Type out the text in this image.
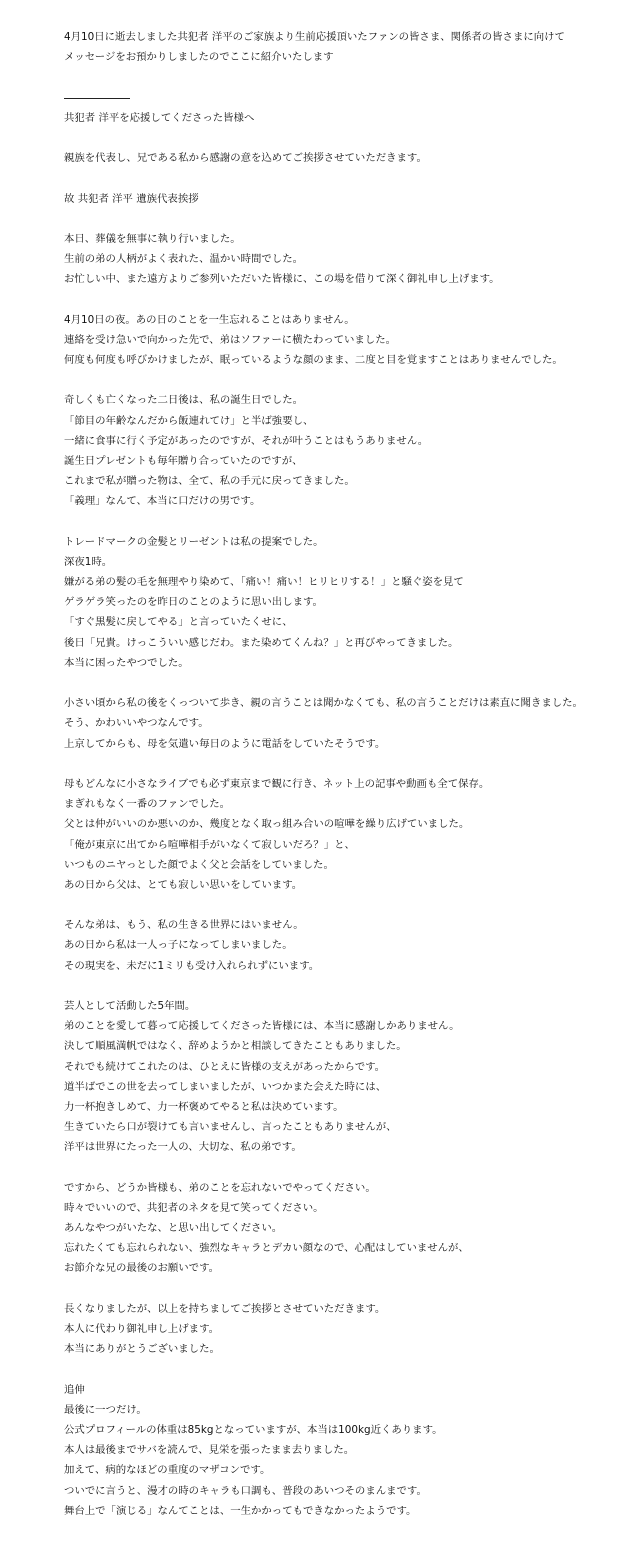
4月10日に逝去しました共犯者 洋平のご家族より生前応援頂いたファンの皆さま、関係者の皆さまに向けて
メッセージをお預かりしましたのでここに紹介いたします
共犯者 洋平を応援してくださった皆様へ
親族を代表し、兄である私から感謝の意を込めてご挨拶させていただきます。
故 共犯者 洋平 遺族代表挨拶
本日、葬儀を無事に執り行いました。
生前の弟の人柄がよく表れた、温かい時間でした。
お忙しい中、また遠方よりご参列いただいた皆様に、この場を借りて深く御礼申し上げます。
4月10日の夜。あの日のことを一生忘れることはありません。
連絡を受け急いで向かった先で、弟はソファーに横たわっていました。
何度も何度も呼びかけましたが、眠っているような顔のまま、二度と目を覚ますことはありませんでした。
奇しくも亡くなった二日後は、私の誕生日でした。
「節目の年齢なんだから飯連れてけ」と半ば強要し、
一緒に食事に行く予定があったのですが、それが叶うことはもうありません。
誕生日プレゼントも毎年贈り合っていたのですが、
これまで私が贈った物は、全て、私の手元に戻ってきました。
「義理」なんて、本当に口だけの男です。
トレードマークの金髪とリーゼントは私の提案でした。
深夜1時。
嫌がる弟の髪の毛を無理やり染めて、「痛い！痛い！ヒリヒリする！」と騒ぐ姿を見て
ゲラゲラ笑ったのを昨日のことのように思い出します。
「すぐ黒髪に戻してやる」と言っていたくせに、
後日「兄貴。けっこういい感じだわ。また染めてくんね？」と再びやってきました。
本当に困ったやつでした。
小さい頃から私の後をくっついて歩き、親の言うことは聞かなくても、私の言うことだけは素直に聞きました。
そう、かわいいやつなんです。
上京してからも、母を気遣い毎日のように電話をしていたそうです。
母もどんなに小さなライブでも必ず東京まで観に行き、ネット上の記事や動画も全て保存。
まぎれもなく一番のファンでした。
父とは仲がいいのか悪いのか、幾度となく取っ組み合いの喧嘩を繰り広げていました。
「俺が東京に出てから喧嘩相手がいなくて寂しいだろ？」と、
いつものニヤっとした顔でよく父と会話をしていました。
あの日から父は、とても寂しい思いをしています。
そんな弟は、もう、私の生きる世界にはいません。
あの日から私は一人っ子になってしまいました。
その現実を、未だに1ミリも受け入れられずにいます。
芸人として活動した5年間。
弟のことを愛して暮って応援してくださった皆様には、本当に感謝しかありません。
決して順風満帆ではなく、辞めようかと相談してきたこともありました。
それでも続けてこれたのは、ひとえに皆様の支えがあったからです。
道半ばでこの世を去ってしまいましたが、いつかまた会えた時には、
力一杯抱きしめて、力一杯褒めてやると私は決めています。
生きていたら口が裂けても言いませんし、言ったこともありませんが、
洋平は世界にたった一人の、大切な、私の弟です。
ですから、どうか皆様も、弟のことを忘れないでやってください。
時々でいいので、共犯者のネタを見て笑ってください。
あんなやつがいたな、と思い出してください。
忘れたくても忘れられない、強烈なキャラとデカい顔なので、心配はしていませんが、
お節介な兄の最後のお願いです。
長くなりましたが、以上を持ちましてご挨拶とさせていただきます。
本人に代わり御礼申し上げます。
本当にありがとうございました。
追伸
最後に一つだけ。
公式プロフィールの体重は85kgとなっていますが、本当は100kg近くあります。
本人は最後までサバを読んで、見栄を張ったまま去りました。
加えて、病的なほどの重度のマザコンです。
ついでに言うと、漫才の時のキャラも口調も、普段のあいつそのまんまです。
舞台上で「演じる」なんてことは、一生かかってもできなかったようです。
